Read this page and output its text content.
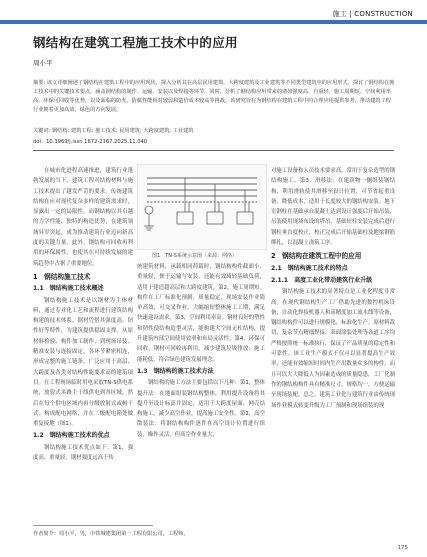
施工 | CONSTRUCTION
钢结构在建筑工程施工技术中的应用
周小平
摘要: 该文详细阐述了钢结构在建筑工程中的应用现状，探入分析其在高层民用建筑、大跨度建筑及工业建筑等不同类型建筑中的应用形式。探讨了钢结构在施工技术中的关键技术要点，涵盖钢结构的制作、运输、安装以及焊接等环节。同时，分析了钢结构应用带来的诸如强度高、自重轻、施工周期短、空间利用率高、环保可回收等优势，以及面临的防火、防腐性能相对较弱和造价成本较高等挑战。该研究旨在为钢结构在建筑工程中的合理应用提供参考，推动建筑工程行业朝着更加高效、绿色的方向发展。
关键词: 钢结构; 建筑工程; 施工技术; 民用建筑; 大跨度建筑; 工业建筑
doi：10.3969/j.issn.1672-2167.2025.11.040

在城市化进程高速推进，建筑行业蓬勃发展的当下，建筑工程对结构材料与施工技术提出了越发严苛的要求。传统建筑结构在应对现代复杂多样的建筑需求时，显露出一定的局限性。而钢结构以其卓越的力学性能、独特的构造优势，在建筑领域异军突起，成为推动建筑行业迈向新高度的关键力量。此外，钢结构可回收再利用的环保属性，也使其在可持续发展的建筑趋势中占据了重要地位。

1　钢结构施工技术
1.1　钢结构施工技术概述

钢结构施工技术是以钢材为主体材料，通过专业化工艺和流程进行建筑结构构建的技术体系。钢材凭借其强度高、韧性好等特性，为建筑提供稳固支撑。从原材料检验、构件加工制作，到现场吊装、精准安装与连接固定，各环节紧密相连，形成完整的施工链条。广泛应用于高层、大跨度及各类对结构性能要求高的建筑项目。在工程现场临时用电采取TN-S供电系统，放射式多路主干线供电到各区域，然后在每个供电区域内再分级放射式或树干式。构成配电网络，并在二级配电箱处做重复接地（图1）。

1.2　钢结构施工技术的优点

钢结构施工技术优点如下：第1，强度高、重量轻。钢材强度远高于传

图1　TN-S系统示意图（来源：网络）

统建筑材料，承载相同荷载时，钢结构构件截面小、重量轻，便于运输与安装，还能有效减轻基础负荷，适用于建造超高层和大跨度建筑。第2，施工周期短。构件在工厂标准化预制，质量稳定，现场安装作业简单高效，可交叉作业，大幅缩短整体施工工期，满足快速建设需求。第3，空间利用率高。钢材良好的塑性和韧性使结构造型灵活，能构建大空间无柱结构，提升建筑内部空间使用效率和布局灵活性。第4，环保可回收。钢材可回收再利用，减少建筑垃圾排放；施工能耗低，符合绿色建筑发展理念。

1.3　钢结构的施工技术方法

钢结构的施工方法主要包括以下几种：第1，整体提升法：在地面组装钢结构整体，利用提升设备将其提升至设计标高并固定，适用于大跨度屋面、网壳结构施工，减少高空作业，提高施工安全性。第2，高空散装法：将钢结构构件逐件在高空设计位置进行组装，操作灵活，但高空作业量大，

对施工设备和人员技术要求高，常用于复杂造型的钢结构施工。第3，滑移法：在建筑物一侧组装钢结构，利用滑轨使其滑移至设计位置，可节省起重设备，降低成本，适用于长度较大的钢结构安装。地下室钢柱在基础承台混凝土达到设计强度后开始吊装，吊装使用现场布设的塔吊，基础短柱安装完成后进行钢柱垂直度校正，校正完成后开始基础柱及地梁钢筋绑扎，以混凝土浇筑工序。

2　钢结构在建筑工程中的应用
2.1　钢结构施工技术的特点
2.1.1　高度工业化带动建筑行业升级

钢结构施工技术的显著特点是工业化程度非常高。在现代钢结构生产工厂借助先进的数控机床设备，自动化焊接机器人和高精度加工流水线等设备，钢结构构件可以进行规模化、标准化生产。原材料裁切、复杂节点精细焊接、表面涂装处理等各道工序均严格按照统一标准执行，保证了产品质量的稳定性和可靠性。该工业生产模式不仅可以显著提高生产效率，还能有效缩短时间内生产出数量众多的构件，而且可以大大降低人为因素造成的质量隐患。工厂化制作的钢结构构件具有精准尺寸，规格均一，方便运输至现场装配。总之，建筑工业化与建筑行业由传统现场作业模式转变升级为工厂预制和现场组装的现

作者简介：周小平，男，中铁城建集团第一工程有限公司，工程师。
175
